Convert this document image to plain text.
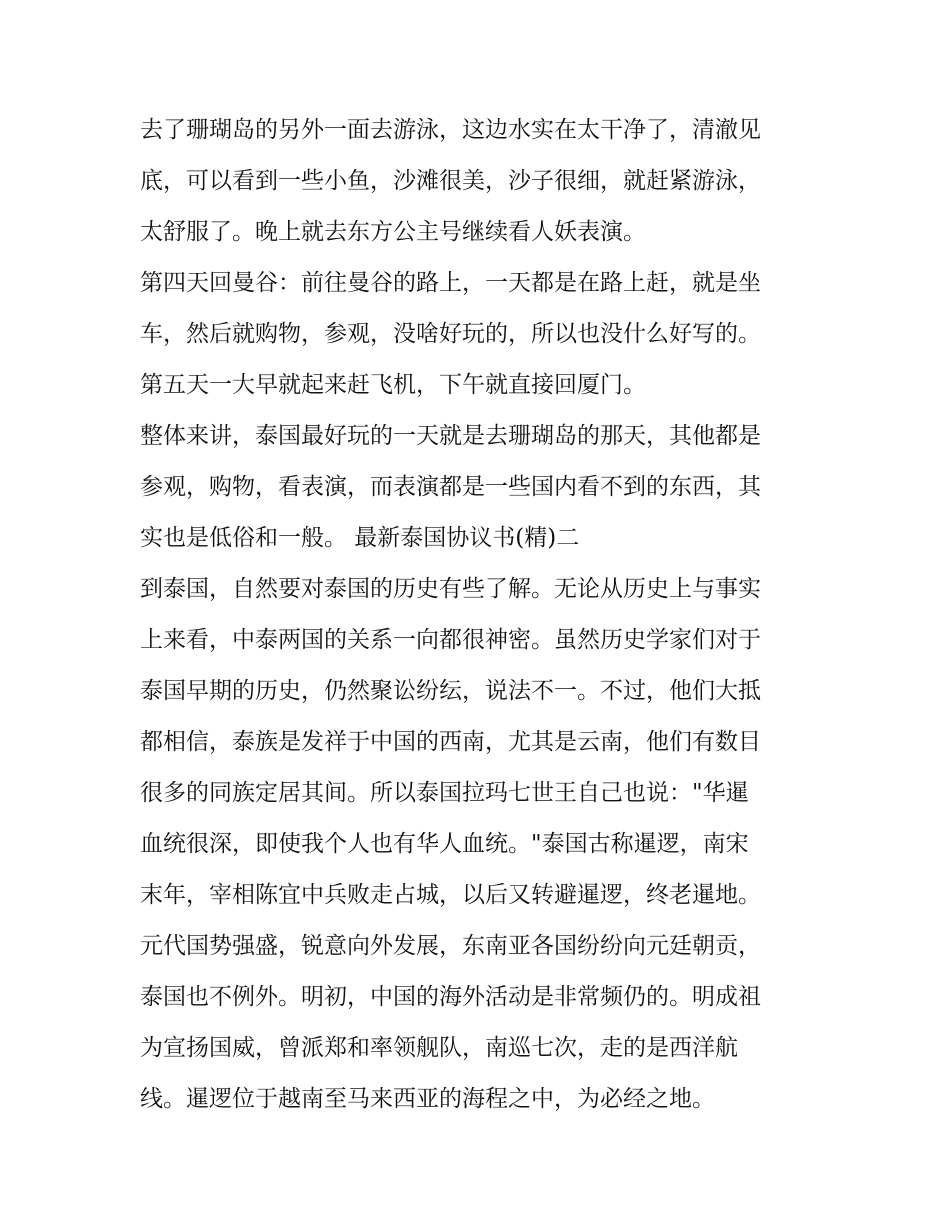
去了珊瑚岛的另外一面去游泳，这边水实在太干净了，清澈见
底，可以看到一些小鱼，沙滩很美，沙子很细，就赶紧游泳，
太舒服了。晚上就去东方公主号继续看人妖表演。
第四天回曼谷：前往曼谷的路上，一天都是在路上赶，就是坐
车，然后就购物，参观，没啥好玩的，所以也没什么好写的。
第五天一大早就起来赶飞机，下午就直接回厦门。
整体来讲，泰国最好玩的一天就是去珊瑚岛的那天，其他都是
参观，购物，看表演，而表演都是一些国内看不到的东西，其
实也是低俗和一般。 最新泰国协议书(精)二
到泰国，自然要对泰国的历史有些了解。无论从历史上与事实
上来看，中泰两国的关系一向都很神密。虽然历史学家们对于
泰国早期的历史，仍然聚讼纷纭，说法不一。不过，他们大抵
都相信，泰族是发祥于中国的西南，尤其是云南，他们有数目
很多的同族定居其间。所以泰国拉玛七世王自己也说："华暹
血统很深，即使我个人也有华人血统。"泰国古称暹逻，南宋
末年，宰相陈宜中兵败走占城，以后又转避暹逻，终老暹地。
元代国势强盛，锐意向外发展，东南亚各国纷纷向元廷朝贡，
泰国也不例外。明初，中国的海外活动是非常频仍的。明成祖
为宣扬国威，曾派郑和率领舰队，南巡七次，走的是西洋航
线。暹逻位于越南至马来西亚的海程之中，为必经之地。
